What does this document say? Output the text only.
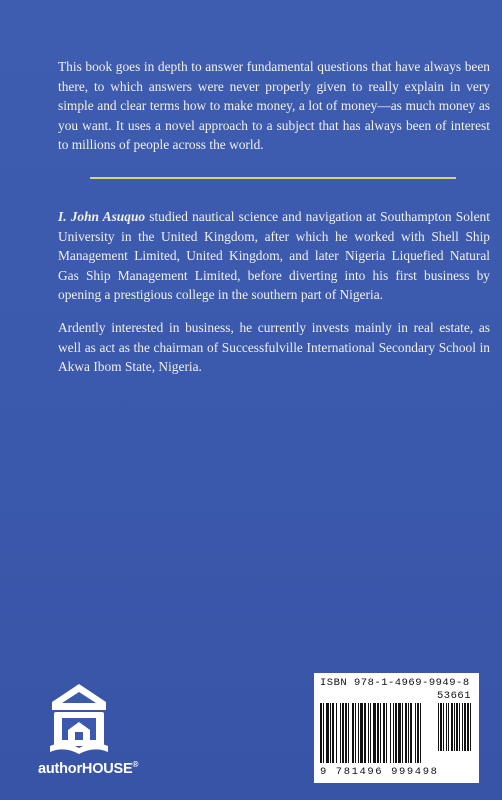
This book goes in depth to answer fundamental questions that have always been there, to which answers were never properly given to really explain in very simple and clear terms how to make money, a lot of money—as much money as you want. It uses a novel approach to a subject that has always been of interest to millions of people across the world.

I. John Asuquo studied nautical science and navigation at Southampton Solent University in the United Kingdom, after which he worked with Shell Ship Management Limited, United Kingdom, and later Nigeria Liquefied Natural Gas Ship Management Limited, before diverting into his first business by opening a prestigious college in the southern part of Nigeria.

Ardently interested in business, he currently invests mainly in real estate, as well as act as the chairman of Successfulville International Secondary School in Akwa Ibom State, Nigeria.

authorHOUSE®
ISBN 978-1-4969-9949-8
53661
9 781496 999498
